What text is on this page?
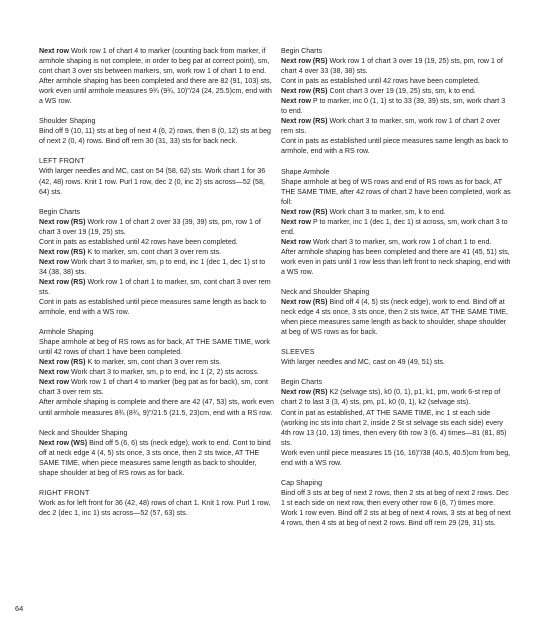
Next row Work row 1 of chart 4 to marker (counting back from marker, if armhole shaping is not complete, in order to beg pat at correct point), sm, cont chart 3 over sts between markers, sm, work row 1 of chart 1 to end.

After armhole shaping has been completed and there are 82 (91, 103) sts, work even until armhole measures 9¾ (9¾, 10)"/24 (24, 25.5)cm, end with a WS row.

Shoulder Shaping

Bind off 9 (10, 11) sts at beg of next 4 (6, 2) rows, then 8 (0, 12) sts at beg of next 2 (0, 4) rows. Bind off rem 30 (31, 33) sts for back neck.

LEFT FRONT

With larger needles and MC, cast on 54 (58, 62) sts. Work chart 1 for 36 (42, 48) rows. Knit 1 row. Purl 1 row, dec 2 (0, inc 2) sts across—52 (58, 64) sts.

Begin Charts

Next row (RS) Work row 1 of chart 2 over 33 (39, 39) sts, pm, row 1 of chart 3 over 19 (19, 25) sts.

Cont in pats as established until 42 rows have been completed.

Next row (RS) K to marker, sm, cont chart 3 over rem sts.

Next row Work chart 3 to marker, sm, p to end, inc 1 (dec 1, dec 1) st to 34 (38, 38) sts.

Next row (RS) Work row 1 of chart 1 to marker, sm, cont chart 3 over rem sts.

Cont in pats as established until piece measures same length as back to armhole, end with a WS row.

Armhole Shaping

Shape armhole at beg of RS rows as for back, AT THE SAME TIME, work until 42 rows of chart 1 have been completed.

Next row (RS) K to marker, sm, cont chart 3 over rem sts.

Next row Work chart 3 to marker, sm, p to end, inc 1 (2, 2) sts across.

Next row Work row 1 of chart 4 to marker (beg pat as for back), sm, cont chart 3 over rem sts.

After armhole shaping is complete and there are 42 (47, 53) sts, work even until armhole measures 8¾ (8¾, 9)"/21.5 (21.5, 23)cm, end with a RS row.

Neck and Shoulder Shaping

Next row (WS) Bind off 5 (6, 6) sts (neck edge), work to end. Cont to bind off at neck edge 4 (4, 5) sts once, 3 sts once, then 2 sts twice, AT THE SAME TIME, when piece measures same length as back to shoulder, shape shoulder at beg of RS rows as for back.

RIGHT FRONT

Work as for left front for 36 (42, 48) rows of chart 1. Knit 1 row. Purl 1 row, dec 2 (dec 1, inc 1) sts across—52 (57, 63) sts.

Begin Charts

Next row (RS) Work row 1 of chart 3 over 19 (19, 25) sts, pm, row 1 of chart 4 over 33 (38, 38) sts.

Cont in pats as established until 42 rows have been completed.

Next row (RS) Cont chart 3 over 19 (19, 25) sts, sm, k to end.

Next row P to marker, inc 0 (1, 1) st to 33 (39, 39) sts, sm, work chart 3 to end.

Next row (RS) Work chart 3 to marker, sm, work row 1 of chart 2 over rem sts.

Cont in pats as established until piece measures same length as back to armhole, end with a RS row.

Shape Armhole

Shape armhole at beg of WS rows and end of RS rows as for back, AT THE SAME TIME, after 42 rows of chart 2 have been completed, work as foll:

Next row (RS) Work chart 3 to marker, sm, k to end.

Next row P to marker, inc 1 (dec 1, dec 1) st across, sm, work chart 3 to end.

Next row Work chart 3 to marker, sm, work row 1 of chart 1 to end.

After armhole shaping has been completed and there are 41 (45, 51) sts, work even in pats until 1 row less than left front to neck shaping, end with a WS row.

Neck and Shoulder Shaping

Next row (RS) Bind off 4 (4, 5) sts (neck edge), work to end. Bind off at neck edge 4 sts once, 3 sts once, then 2 sts twice, AT THE SAME TIME, when piece measures same length as back to shoulder, shape shoulder at beg of WS rows as for back.

SLEEVES

With larger needles and MC, cast on 49 (49, 51) sts.

Begin Charts

Next row (RS) K2 (selvage sts), k0 (0, 1), p1, k1, pm, work 6-st rep of chart 2 to last 3 (3, 4) sts, pm, p1, k0 (0, 1), k2 (selvage sts).

Cont in pat as established, AT THE SAME TIME, inc 1 st each side (working inc sts into chart 2, inside 2 St st selvage sts each side) every 4th row 13 (10, 13) times, then every 6th row 3 (6, 4) times—81 (81, 85) sts.

Work even until piece measures 15 (16, 16)"/38 (40.5, 40.5)cm from beg, end with a WS row.

Cap Shaping

Bind off 3 sts at beg of next 2 rows, then 2 sts at beg of next 2 rows. Dec 1 st each side on next row, then every other row 6 (6, 7) times more. Work 1 row even. Bind off 2 sts at beg of next 4 rows, 3 sts at beg of next 4 rows, then 4 sts at beg of next 2 rows. Bind off rem 29 (29, 31) sts.

64
